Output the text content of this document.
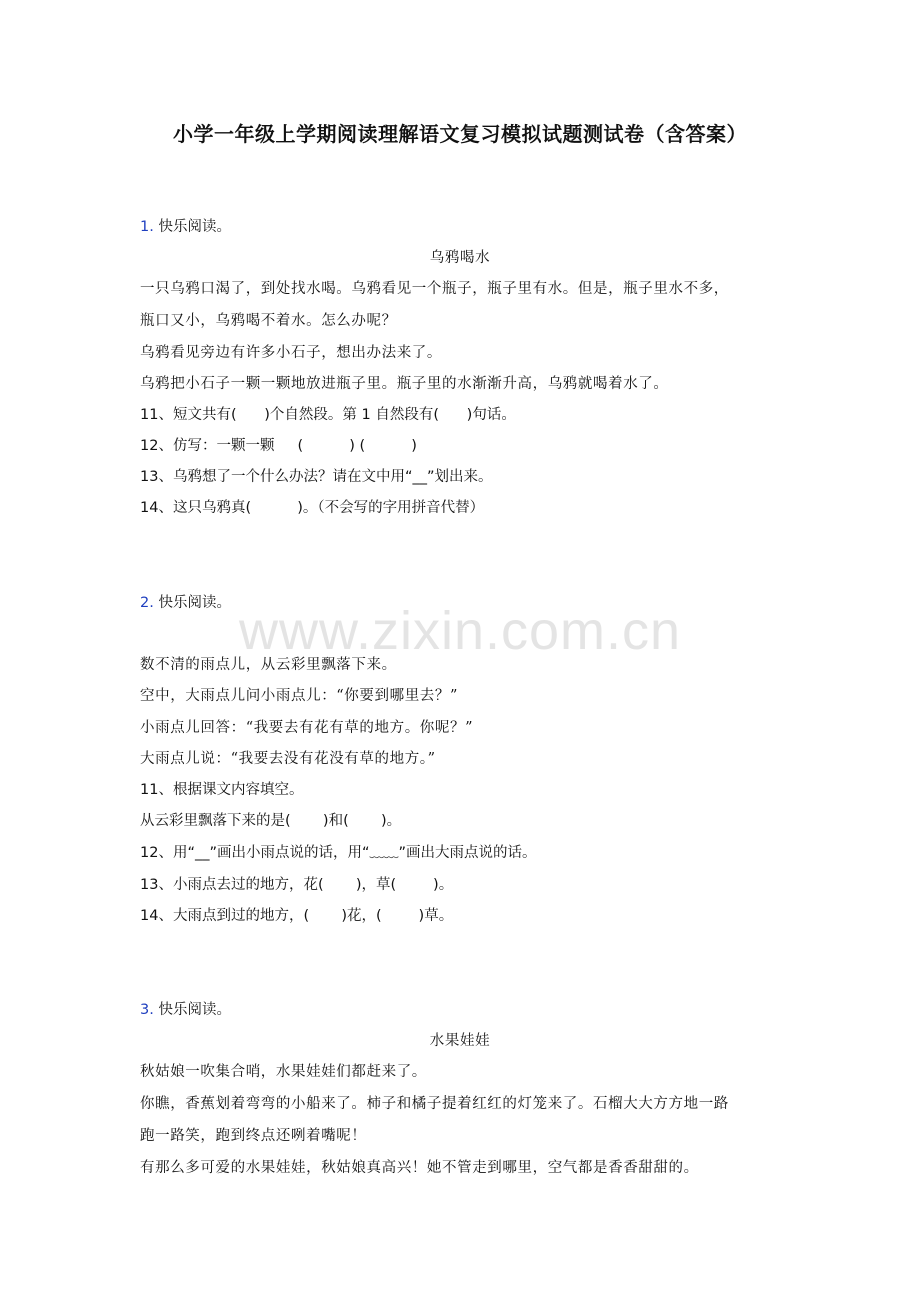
小学一年级上学期阅读理解语文复习模拟试题测试卷（含答案）
1. 快乐阅读。
乌鸦喝水
一只乌鸦口渴了，到处找水喝。乌鸦看见一个瓶子，瓶子里有水。但是，瓶子里水不多，
瓶口又小，乌鸦喝不着水。怎么办呢？
乌鸦看见旁边有许多小石子，想出办法来了。
乌鸦把小石子一颗一颗地放进瓶子里。瓶子里的水渐渐升高，乌鸦就喝着水了。
11、短文共有(      )个自然段。第 1 自然段有(      )句话。
12、仿写：一颗一颗     (          ) (          )
13、乌鸦想了一个什么办法？请在文中用“__”划出来。
14、这只乌鸦真(          )。（不会写的字用拼音代替）
2. 快乐阅读。 www.zixin.com.cn
数不清的雨点儿，从云彩里飘落下来。
空中，大雨点儿问小雨点儿：“你要到哪里去？”
小雨点儿回答：“我要去有花有草的地方。你呢？”
大雨点儿说：“我要去没有花没有草的地方。”
11、根据课文内容填空。
从云彩里飘落下来的是(       )和(       )。
12、用“__”画出小雨点说的话，用“﹏﹏”画出大雨点说的话。
13、小雨点去过的地方，花(       )，草(        )。
14、大雨点到过的地方，(       )花，(        )草。
3. 快乐阅读。
水果娃娃
秋姑娘一吹集合哨，水果娃娃们都赶来了。
你瞧，香蕉划着弯弯的小船来了。柿子和橘子提着红红的灯笼来了。石榴大大方方地一路
跑一路笑，跑到终点还咧着嘴呢！
有那么多可爱的水果娃娃，秋姑娘真高兴！她不管走到哪里，空气都是香香甜甜的。
